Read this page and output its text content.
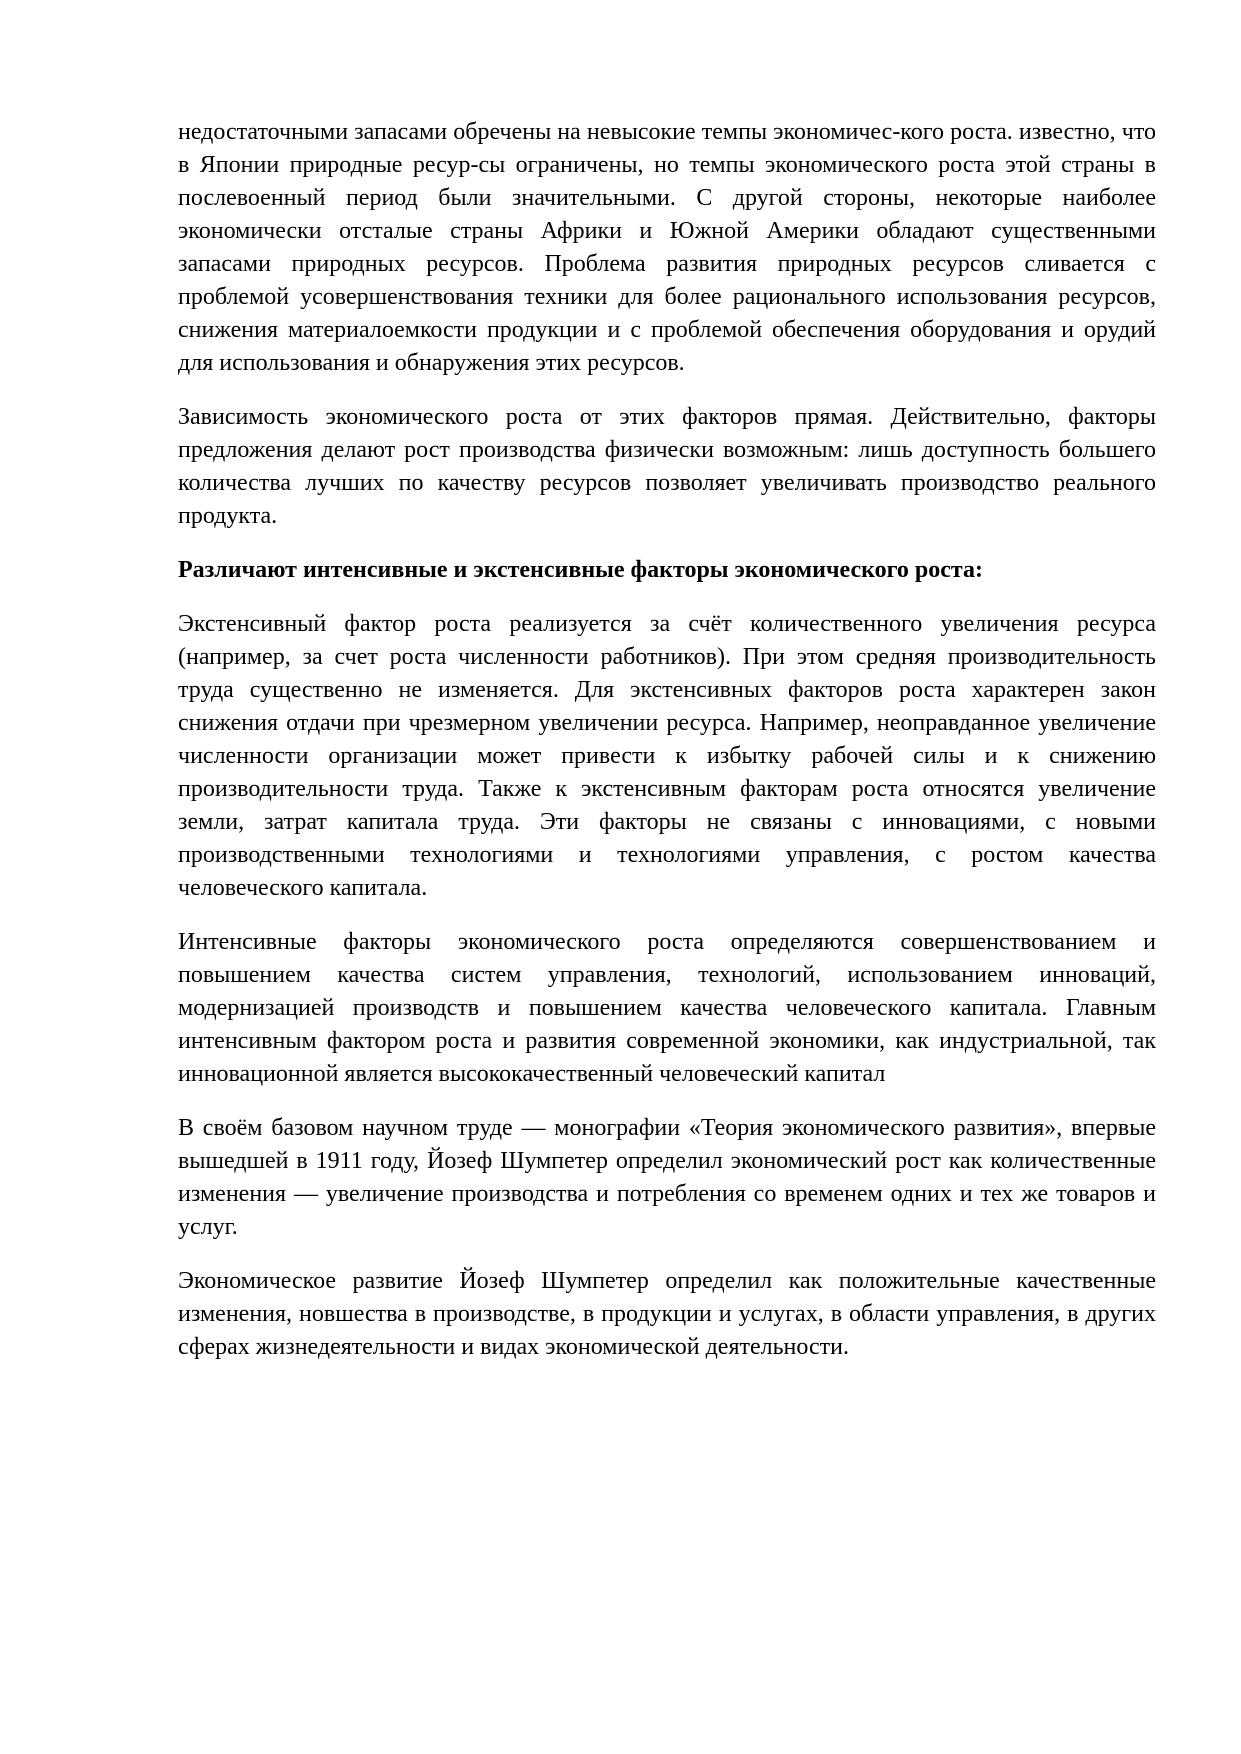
недостаточными запасами обречены на невысокие темпы экономичес-кого роста. известно, что в Японии природные ресур-сы ограничены, но темпы экономического роста этой страны в послевоенный период были значительными. С другой стороны, некоторые наиболее экономически отсталые страны Африки и Южной Америки обладают существенными запасами природных ресурсов. Проблема развития природных ресурсов сливается с проблемой усовершенствования техники для более рационального использования ресурсов, снижения материалоемкости продукции и с проблемой обеспечения оборудования и орудий для использования и обнаружения этих ресурсов.

Зависимость экономического роста от этих факторов прямая. Действительно, факторы предложения делают рост производства физически возможным: лишь доступность большего количества лучших по качеству ресурсов позволяет увеличивать производство реального продукта.

Различают интенсивные и экстенсивные факторы экономического роста:

Экстенсивный фактор роста реализуется за счёт количественного увеличения ресурса (например, за счет роста численности работников). При этом средняя производительность труда существенно не изменяется. Для экстенсивных факторов роста характерен закон снижения отдачи при чрезмерном увеличении ресурса. Например, неоправданное увеличение численности организации может привести к избытку рабочей силы и к снижению производительности труда. Также к экстенсивным факторам роста относятся увеличение земли, затрат капитала труда. Эти факторы не связаны с инновациями, с новыми производственными технологиями и технологиями управления, с ростом качества человеческого капитала.

Интенсивные факторы экономического роста определяются совершенствованием и повышением качества систем управления, технологий, использованием инноваций, модернизацией производств и повышением качества человеческого капитала. Главным интенсивным фактором роста и развития современной экономики, как индустриальной, так инновационной является высококачественный человеческий капитал

В своём базовом научном труде — монографии «Теория экономического развития», впервые вышедшей в 1911 году, Йозеф Шумпетер определил экономический рост как количественные изменения — увеличение производства и потребления со временем одних и тех же товаров и услуг.

Экономическое развитие Йозеф Шумпетер определил как положительные качественные изменения, новшества в производстве, в продукции и услугах, в области управления, в других сферах жизнедеятельности и видах экономической деятельности.
